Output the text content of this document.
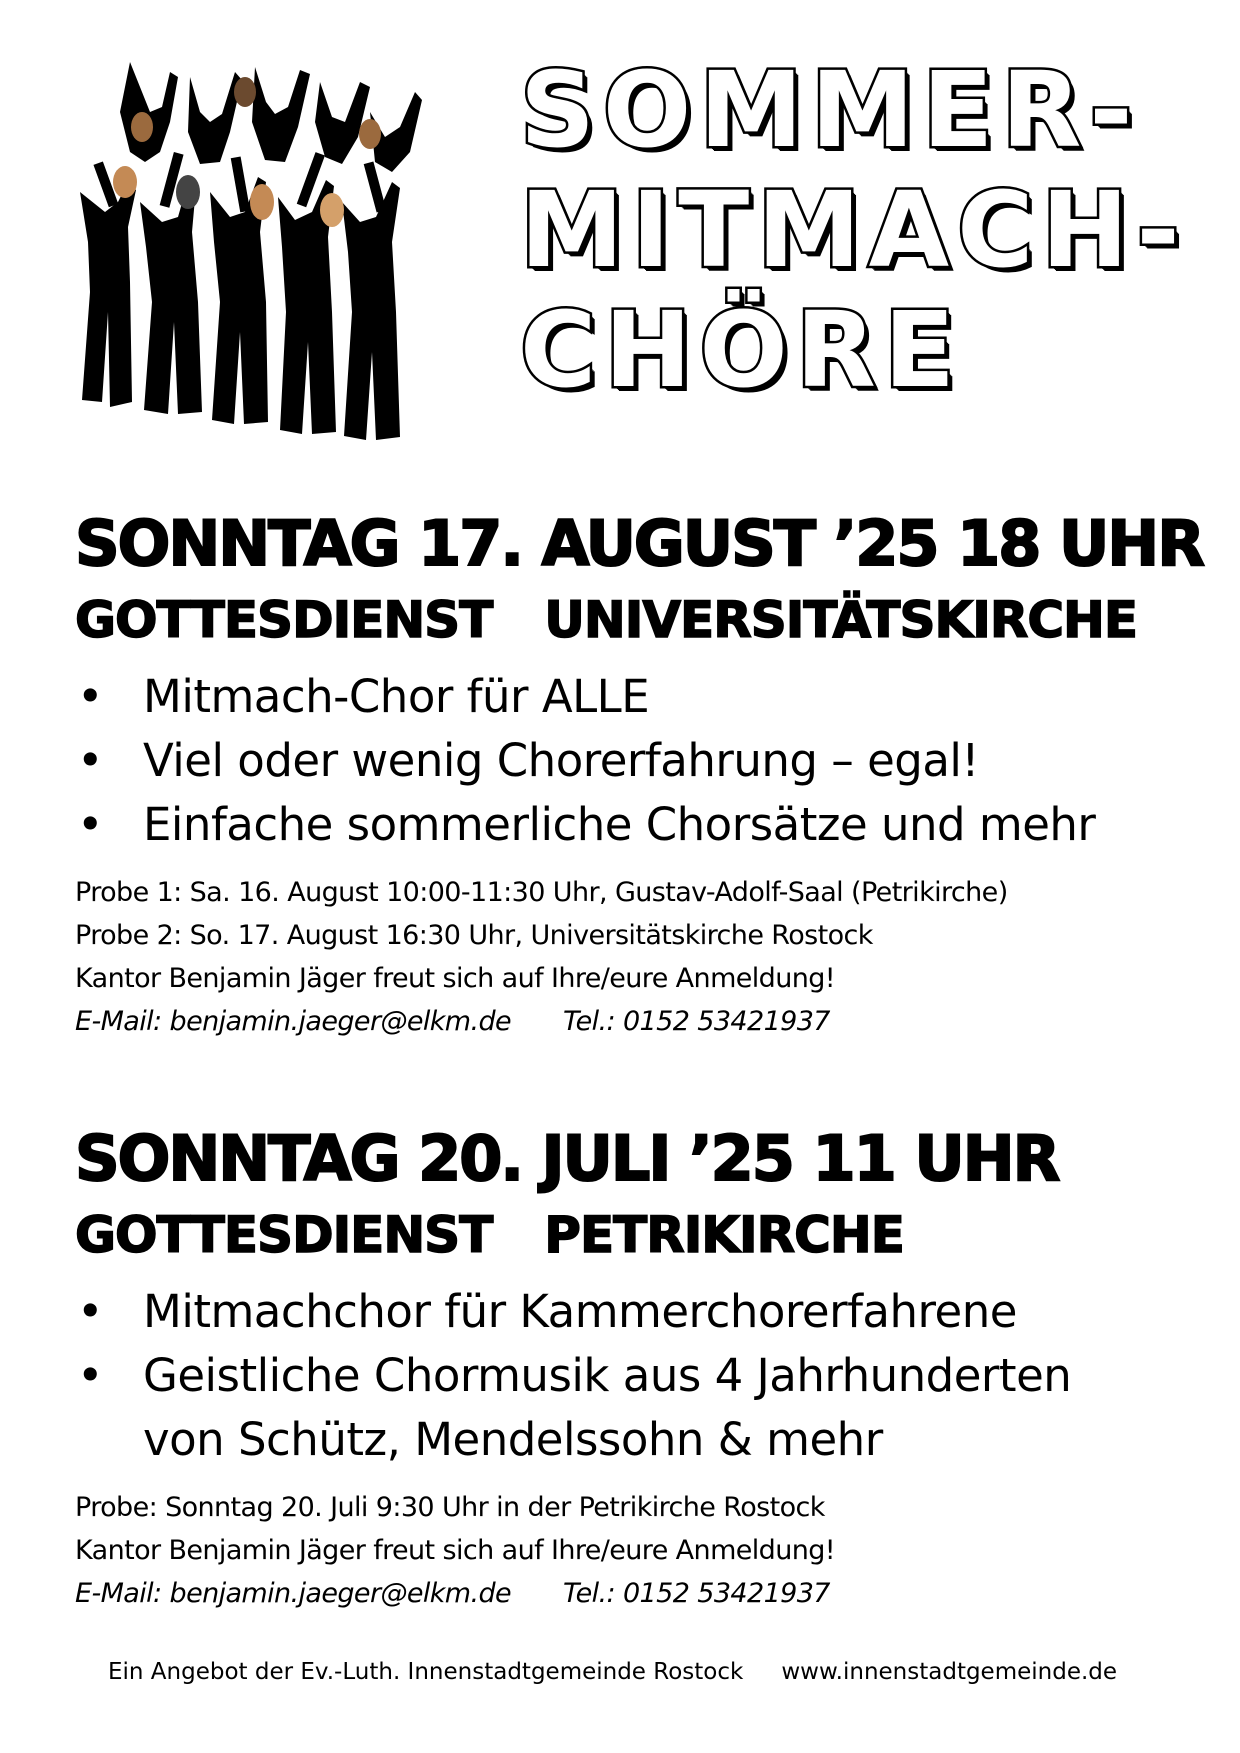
SOMMER-
MITMACH-
CHÖRE
SONNTAG 17. AUGUST ’25 18 UHR
GOTTESDIENST UNIVERSITÄTSKIRCHE
• Mitmach-Chor für ALLE
• Viel oder wenig Chorerfahrung – egal!
• Einfache sommerliche Chorsätze und mehr

Probe 1: Sa. 16. August 10:00-11:30 Uhr, Gustav-Adolf-Saal (Petrikirche)

Probe 2: So. 17. August 16:30 Uhr, Universitätskirche Rostock

Kantor Benjamin Jäger freut sich auf Ihre/eure Anmeldung!

E-Mail: benjamin.jaeger@elkm.de Tel.: 0152 53421937

SONNTAG 20. JULI ’25 11 UHR
GOTTESDIENST PETRIKIRCHE
• Mitmachchor für Kammerchorerfahrene
• Geistliche Chormusik aus 4 Jahrhunderten
von Schütz, Mendelssohn & mehr

Probe: Sonntag 20. Juli 9:30 Uhr in der Petrikirche Rostock

Kantor Benjamin Jäger freut sich auf Ihre/eure Anmeldung!

E-Mail: benjamin.jaeger@elkm.de Tel.: 0152 53421937

Ein Angebot der Ev.-Luth. Innenstadtgemeinde Rostock www.innenstadtgemeinde.de
